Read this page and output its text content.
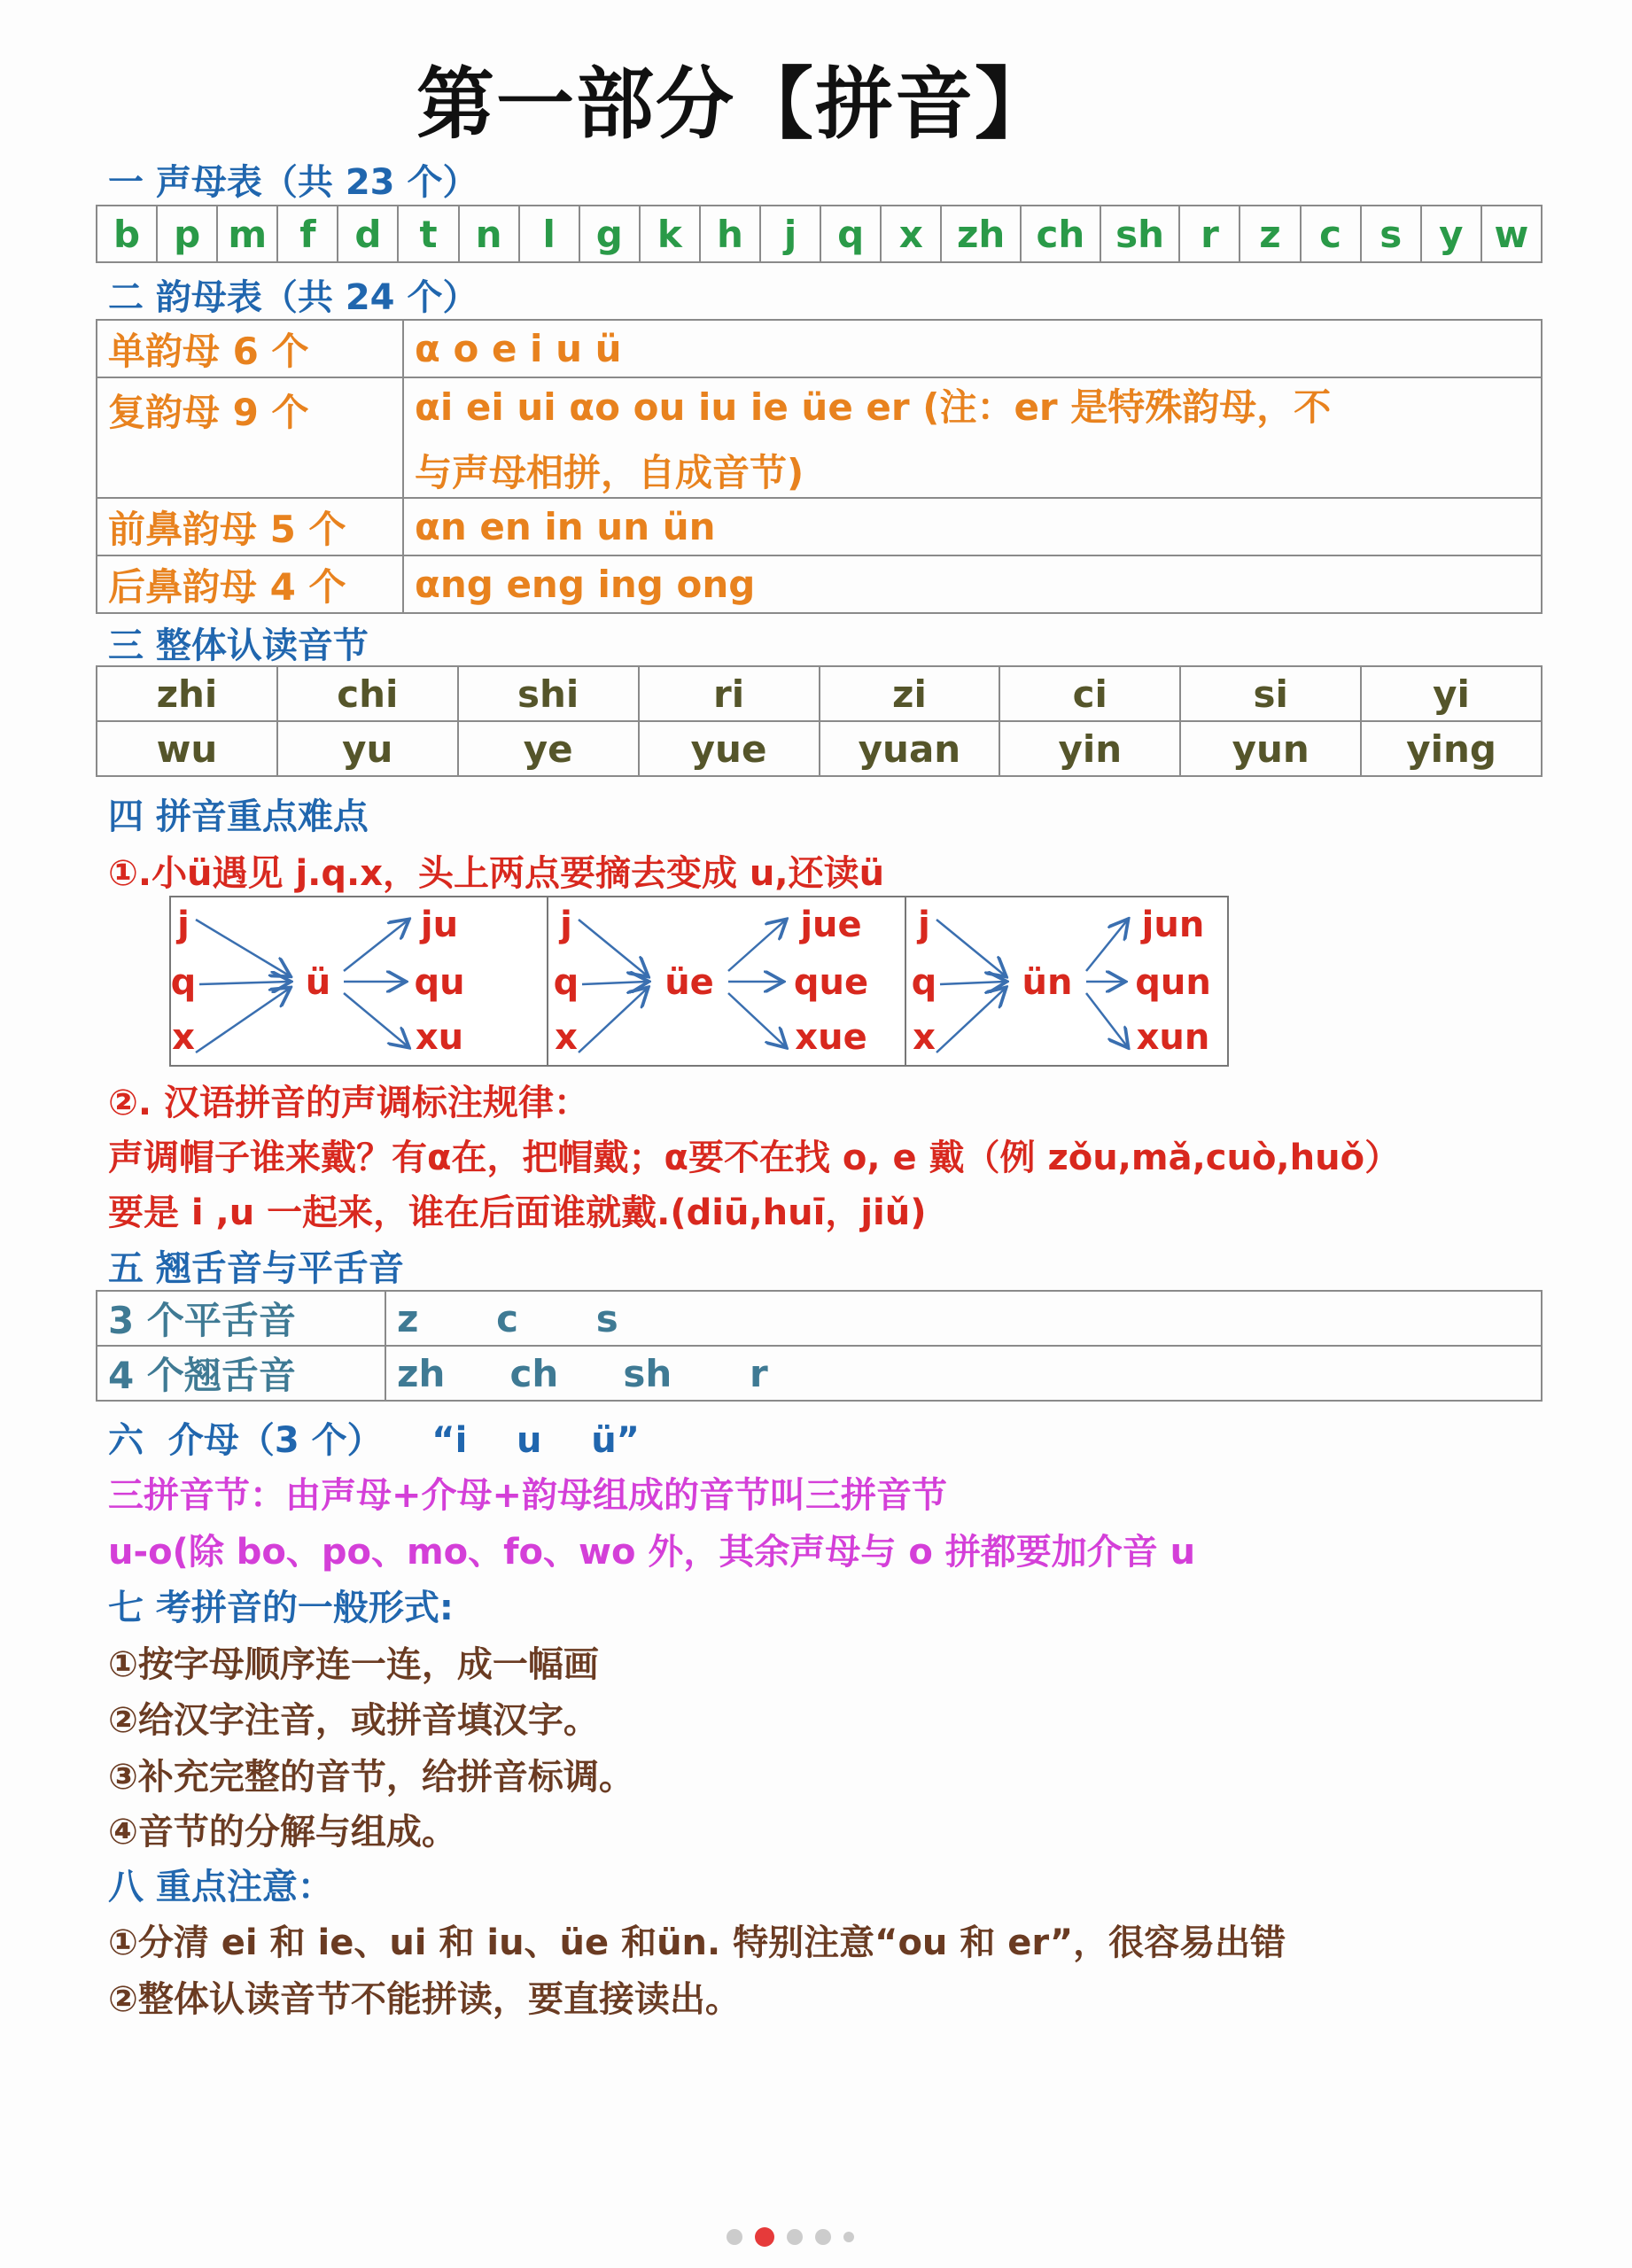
第一部分【拼音】
一 声母表（共 23 个）
b	p	m	f	d	t	n	l	g	k	h	j	q	x	zh	ch	sh	r	z	c	s	y	w
二 韵母表（共 24 个）
单韵母 6 个	α o e i u ü
复韵母 9 个	αi ei ui αo ou iu ie üe er (注：er 是特殊韵母，不
与声母相拼，自成音节)

前鼻韵母 5 个	αn en in un ün
后鼻韵母 4 个	αng eng ing ong
三 整体认读音节
zhi	chi	shi	ri	zi	ci	si	yi
wu	yu	ye	yue	yuan	yin	yun	ying
四 拼音重点难点
①.小ü遇见 j.q.x，头上两点要摘去变成 u,还读ü
j
q
x
ü
ju
qu
xu
j
q
x
üe
jue
que
xue
j
q
x
ün
jun
qun
xun
②. 汉语拼音的声调标注规律：
声调帽子谁来戴？有α在，把帽戴；α要不在找 o, e 戴（例 zǒu,mǎ,cuò,huǒ）
要是 i ,u 一起来，谁在后面谁就戴.(diū,huī，jiǔ)
五 翘舌音与平舌音
3 个平舌音	z      c      s
4 个翘舌音	zh     ch     sh      r
六  介母（3 个）    “i    u    ü”
三拼音节：由声母+介母+韵母组成的音节叫三拼音节
u-o(除 bo、po、mo、fo、wo 外，其余声母与 o 拼都要加介音 u
七 考拼音的一般形式:
①按字母顺序连一连，成一幅画
②给汉字注音，或拼音填汉字。
③补充完整的音节，给拼音标调。
④音节的分解与组成。
八 重点注意：
①分清 ei 和 ie、ui 和 iu、üe 和ün. 特别注意“ou 和 er”，很容易出错
②整体认读音节不能拼读，要直接读出。
